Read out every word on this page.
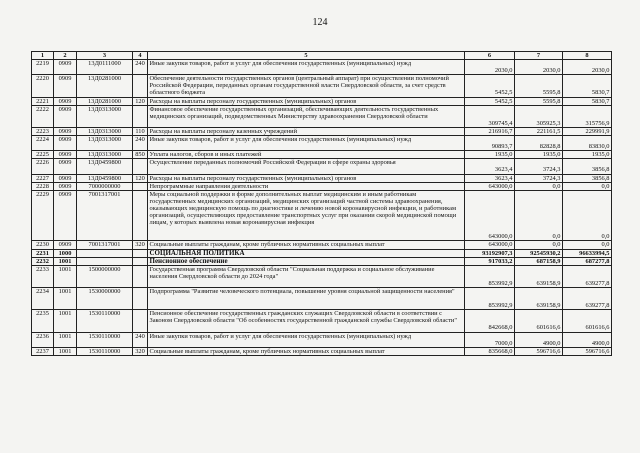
124
1	2	3	4	5	6	7	8
2219	0909	13Д0111000	240	Иные закупки товаров, работ и услуг для обеспечения государственных (муниципальных) нужд	2030,0	2030,0	2030,0
2220	0909	13Д0281000		Обеспечение деятельности государственных органов (центральный аппарат) при осуществлении полномочий Российской Федерации, переданных органам государственной власти Свердловской области, за счет средств областного бюджета	5452,5	5595,8	5830,7
2221	0909	13Д0281000	120	Расходы на выплаты персоналу государственных (муниципальных) органов	5452,5	5595,8	5830,7
2222	0909	13Д0313000		Финансовое обеспечение государственных организаций, обеспечивающих деятельность государственных медицинских организаций, подведомственных Министерству здравоохранения Свердловской области	309745,4	305925,3	315756,9
2223	0909	13Д0313000	110	Расходы на выплаты персоналу казенных учреждений	216916,7	221161,5	229991,9
2224	0909	13Д0313000	240	Иные закупки товаров, работ и услуг для обеспечения государственных (муниципальных) нужд	90893,7	82828,8	83830,0
2225	0909	13Д0313000	850	Уплата налогов, сборов и иных платежей	1935,0	1935,0	1935,0
2226	0909	13Д0459800		Осуществление переданных полномочий Российской Федерации в сфере охраны здоровья	3623,4	3724,3	3856,8
2227	0909	13Д0459800	120	Расходы на выплаты персоналу государственных (муниципальных) органов	3623,4	3724,3	3856,8
2228	0909	7000000000		Непрограммные направления деятельности	643000,0	0,0	0,0
2229	0909	7001317001		Меры социальной поддержки в форме дополнительных выплат медицинским и иным работникам государственных медицинских организаций, медицинских организаций частной системы здравоохранения, оказывающих медицинскую помощь по диагностике и лечению новой коронавирусной инфекции, и работникам организаций, осуществляющих предоставление транспортных услуг при оказании скорой медицинской помощи лицам, у которых выявлена новая коронавирусная инфекция	643000,0	0,0	0,0
2230	0909	7001317001	320	Социальные выплаты гражданам, кроме публичных нормативных социальных выплат	643000,0	0,0	0,0
2231	1000			СОЦИАЛЬНАЯ ПОЛИТИКА	93192907,3	92545930,2	96633994,5
2232	1001			Пенсионное обеспечение	917033,2	687158,9	687277,8
2233	1001	1500000000		Государственная программа Свердловской области "Социальная поддержка и социальное обслуживание населения Свердловской области до 2024 года"	853992,9	639158,9	639277,8
2234	1001	1530000000		Подпрограмма "Развитие человеческого потенциала, повышение уровня социальной защищенности населения"	853992,9	639158,9	639277,8
2235	1001	1530110000		Пенсионное обеспечение государственных гражданских служащих Свердловской области в соответствии с Законом Свердловской области "Об особенностях государственной гражданской службы Свердловской области"	842668,0	601616,6	601616,6
2236	1001	1530110000	240	Иные закупки товаров, работ и услуг для обеспечения государственных (муниципальных) нужд	7000,0	4900,0	4900,0
2237	1001	1530110000	320	Социальные выплаты гражданам, кроме публичных нормативных социальных выплат	835668,0	596716,6	596716,6
